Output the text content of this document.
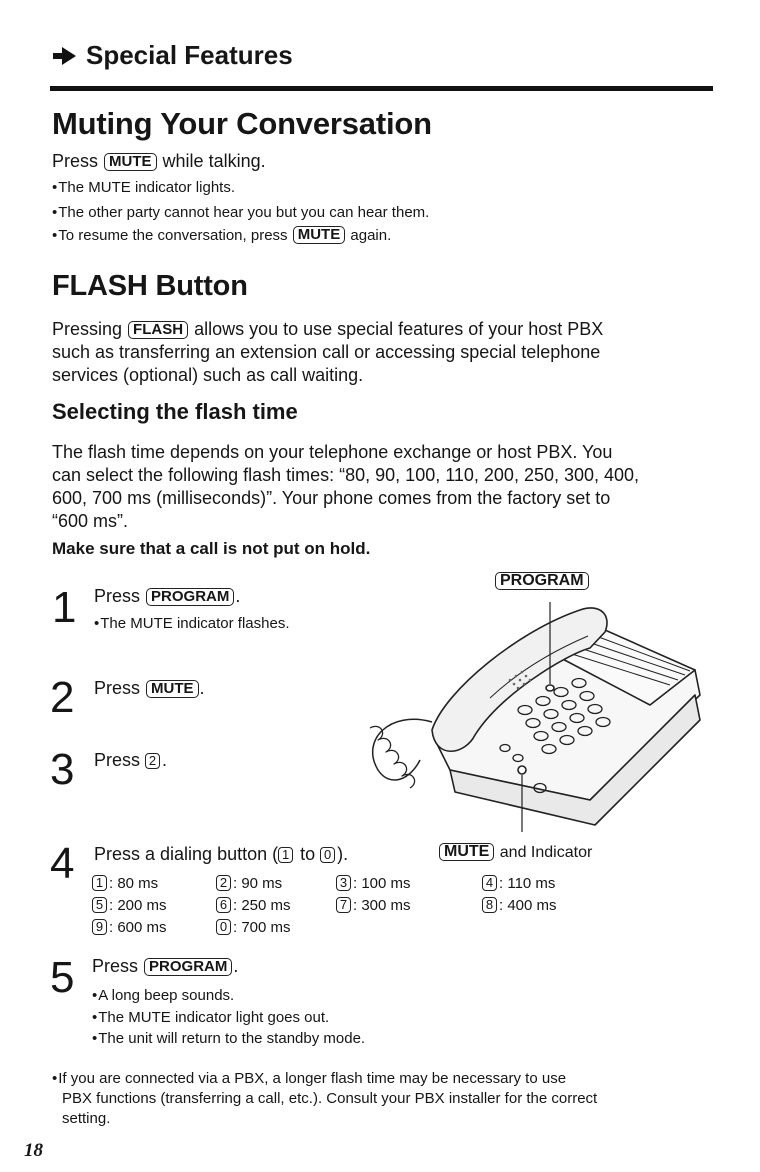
Special Features
Muting Your Conversation
Press MUTE while talking.
• The MUTE indicator lights.
• The other party cannot hear you but you can hear them.
• To resume the conversation, press MUTE again.
FLASH Button
Pressing FLASH allows you to use special features of your host PBX
such as transferring an extension call or accessing special telephone
services (optional) such as call waiting.
Selecting the flash time
The flash time depends on your telephone exchange or host PBX. You
can select the following flash times: “80, 90, 100, 110, 200, 250, 300, 400,
600, 700 ms (milliseconds)”. Your phone comes from the factory set to
“600 ms”.
Make sure that a call is not put on hold.
1 Press PROGRAM .
• The MUTE indicator flashes.
2 Press MUTE .
3 Press 2 .
4 Press a dialing button ( 1 to 0 ).
1 : 80 ms	2 : 90 ms	3 : 100 ms	4 : 110 ms
5 : 200 ms	6 : 250 ms	7 : 300 ms	8 : 400 ms
9 : 600 ms	0 : 700 ms
5 Press PROGRAM .
• A long beep sounds.
• The MUTE indicator light goes out.
• The unit will return to the standby mode.
PROGRAM
MUTE and Indicator
• If you are connected via a PBX, a longer flash time may be necessary to use
PBX functions (transferring a call, etc.). Consult your PBX installer for the correct
setting.
18
